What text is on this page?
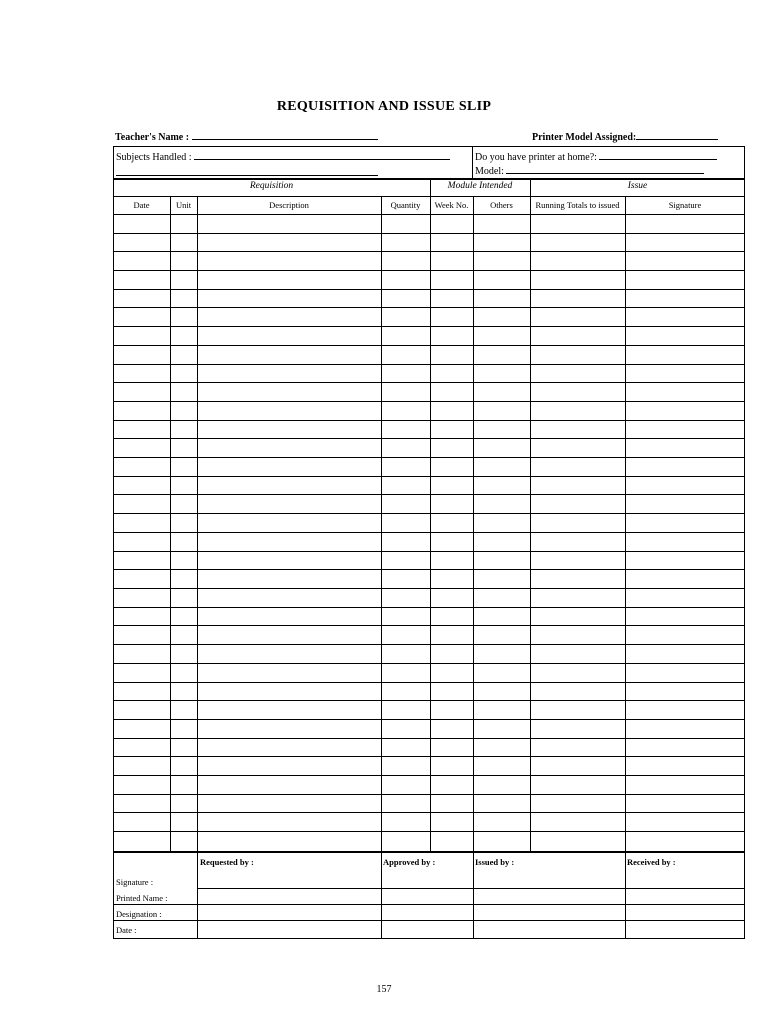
REQUISITION AND ISSUE SLIP
Teacher's Name :	Printer Model Assigned:
Subjects Handled :	Do you have printer at home?:
Model:
Requisition	Module Intended	Issue
Date	Unit	Description	Quantity	Week No.	Others	Running Totals to issued	Signature
Requested by :	Approved by :	Issued by :	Received by :
Signature :
Printed Name :
Designation :
Date :
157
